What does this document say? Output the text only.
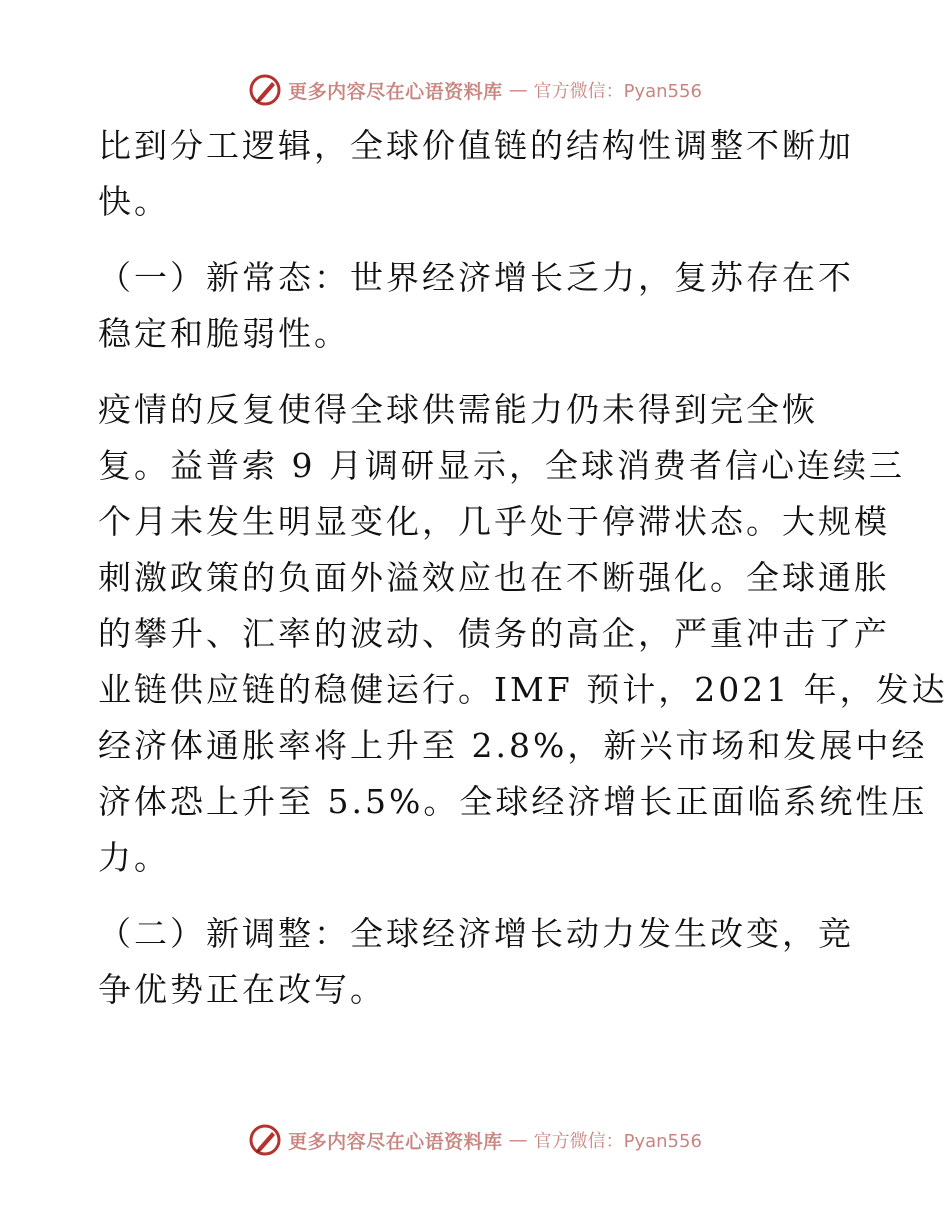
更多内容尽在心语资料库 — 官方微信：Pyan556

比到分工逻辑，全球价值链的结构性调整不断加
快。

（一）新常态：世界经济增长乏力，复苏存在不
稳定和脆弱性。

疫情的反复使得全球供需能力仍未得到完全恢
复。益普索 9 月调研显示，全球消费者信心连续三
个月未发生明显变化，几乎处于停滞状态。大规模
刺激政策的负面外溢效应也在不断强化。全球通胀
的攀升、汇率的波动、债务的高企，严重冲击了产
业链供应链的稳健运行。IMF 预计，2021 年，发达
经济体通胀率将上升至 2.8%，新兴市场和发展中经
济体恐上升至 5.5%。全球经济增长正面临系统性压
力。

（二）新调整：全球经济增长动力发生改变，竞
争优势正在改写。

更多内容尽在心语资料库 — 官方微信：Pyan556
